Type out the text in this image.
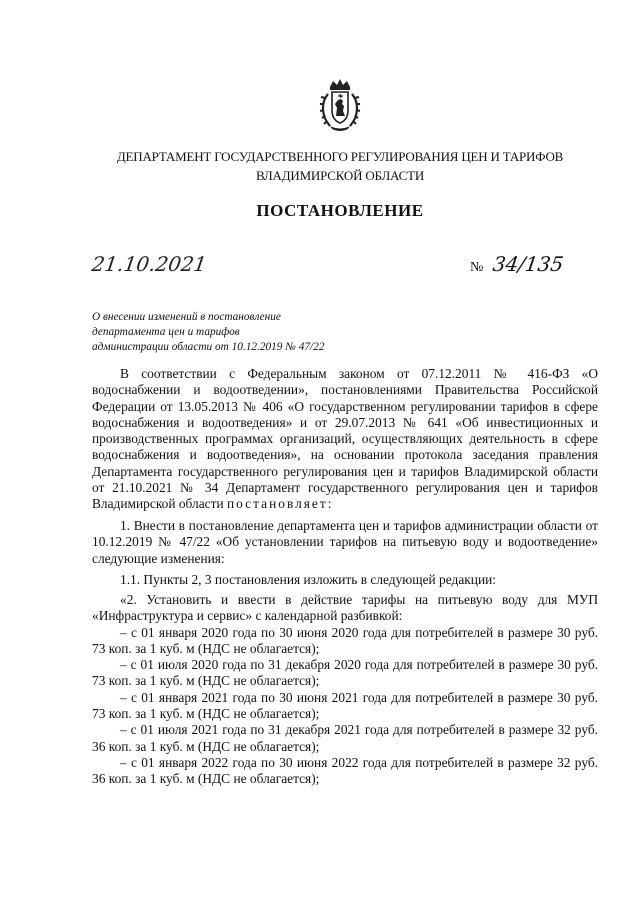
ДЕПАРТАМЕНТ ГОСУДАРСТВЕННОГО РЕГУЛИРОВАНИЯ ЦЕН И ТАРИФОВ
ВЛАДИМИРСКОЙ ОБЛАСТИ
ПОСТАНОВЛЕНИЕ
21.10.2021	№ 34/135
О внесении изменений в постановление
департамента цен и тарифов
администрации области от 10.12.2019 № 47/22

В соответствии с Федеральным законом от 07.12.2011 № 416-ФЗ «О водоснабжении и водоотведении», постановлениями Правительства Российской Федерации от 13.05.2013 № 406 «О государственном регулировании тарифов в сфере водоснабжения и водоотведения» и от 29.07.2013 № 641 «Об инвестиционных и производственных программах организаций, осуществляющих деятельность в сфере водоснабжения и водоотведения», на основании протокола заседания правления Департамента государственного регулирования цен и тарифов Владимирской области от 21.10.2021 № 34 Департамент государственного регулирования цен и тарифов Владимирской области постановляет:

1. Внести в постановление департамента цен и тарифов администрации области от 10.12.2019 № 47/22 «Об установлении тарифов на питьевую воду и водоотведение» следующие изменения:

1.1. Пункты 2, 3 постановления изложить в следующей редакции:

«2. Установить и ввести в действие тарифы на питьевую воду для МУП «Инфраструктура и сервис» с календарной разбивкой:

– с 01 января 2020 года по 30 июня 2020 года для потребителей в размере 30 руб. 73 коп. за 1 куб. м (НДС не облагается);

– с 01 июля 2020 года по 31 декабря 2020 года для потребителей в размере 30 руб. 73 коп. за 1 куб. м (НДС не облагается);

– с 01 января 2021 года по 30 июня 2021 года для потребителей в размере 30 руб. 73 коп. за 1 куб. м (НДС не облагается);

– с 01 июля 2021 года по 31 декабря 2021 года для потребителей в размере 32 руб. 36 коп. за 1 куб. м (НДС не облагается);

– с 01 января 2022 года по 30 июня 2022 года для потребителей в размере 32 руб. 36 коп. за 1 куб. м (НДС не облагается);
